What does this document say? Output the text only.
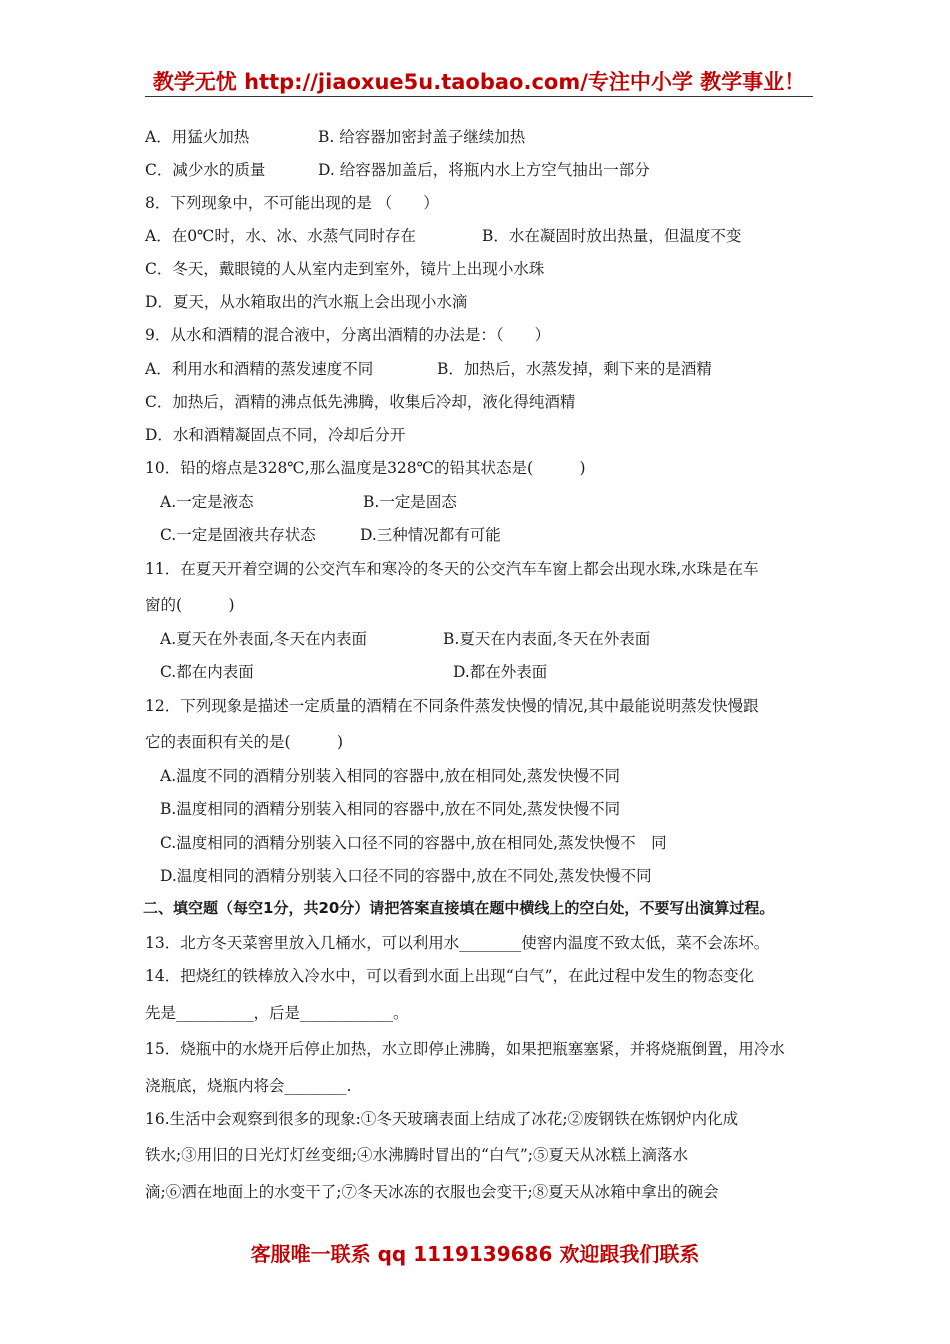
教学无忧 http://jiaoxue5u.taobao.com/专注中小学 教学事业！
A．用猛火加热	B. 给容器加密封盖子继续加热
C．减少水的质量	D. 给容器加盖后，将瓶内水上方空气抽出一部分
8．下列现象中，不可能出现的是 （　　）
A．在0℃时，水、冰、水蒸气同时存在	B．水在凝固时放出热量，但温度不变
C．冬天，戴眼镜的人从室内走到室外，镜片上出现小水珠
D．夏天，从水箱取出的汽水瓶上会出现小水滴
9．从水和酒精的混合液中，分离出酒精的办法是：（　　）
A．利用水和酒精的蒸发速度不同	B．加热后，水蒸发掉，剩下来的是酒精
C．加热后，酒精的沸点低先沸腾，收集后冷却，液化得纯酒精
D．水和酒精凝固点不同，冷却后分开
10．铅的熔点是328℃,那么温度是328℃的铅其状态是(　　　)
A.一定是液态	B.一定是固态
C.一定是固液共存状态	D.三种情况都有可能
11．在夏天开着空调的公交汽车和寒冷的冬天的公交汽车车窗上都会出现水珠,水珠是在车
窗的(　　　)
A.夏天在外表面,冬天在内表面	B.夏天在内表面,冬天在外表面
C.都在内表面	D.都在外表面
12．下列现象是描述一定质量的酒精在不同条件蒸发快慢的情况,其中最能说明蒸发快慢跟
它的表面积有关的是(　　　)
A.温度不同的酒精分别装入相同的容器中,放在相同处,蒸发快慢不同
B.温度相同的酒精分别装入相同的容器中,放在不同处,蒸发快慢不同
C.温度相同的酒精分别装入口径不同的容器中,放在相同处,蒸发快慢不　同
D.温度相同的酒精分别装入口径不同的容器中,放在不同处,蒸发快慢不同
二、填空题（每空1分，共20分）请把答案直接填在题中横线上的空白处，不要写出演算过程。
13．北方冬天菜窖里放入几桶水，可以利用水________使窖内温度不致太低，菜不会冻坏。
14．把烧红的铁棒放入冷水中，可以看到水面上出现“白气”，在此过程中发生的物态变化
先是__________，后是____________。
15．烧瓶中的水烧开后停止加热，水立即停止沸腾，如果把瓶塞塞紧，并将烧瓶倒置，用冷水
浇瓶底，烧瓶内将会________.
16.生活中会观察到很多的现象:①冬天玻璃表面上结成了冰花;②废钢铁在炼钢炉内化成
铁水;③用旧的日光灯灯丝变细;④水沸腾时冒出的“白气”;⑤夏天从冰糕上滴落水
滴;⑥洒在地面上的水变干了;⑦冬天冰冻的衣服也会变干;⑧夏天从冰箱中拿出的碗会
客服唯一联系 qq 1119139686 欢迎跟我们联系
